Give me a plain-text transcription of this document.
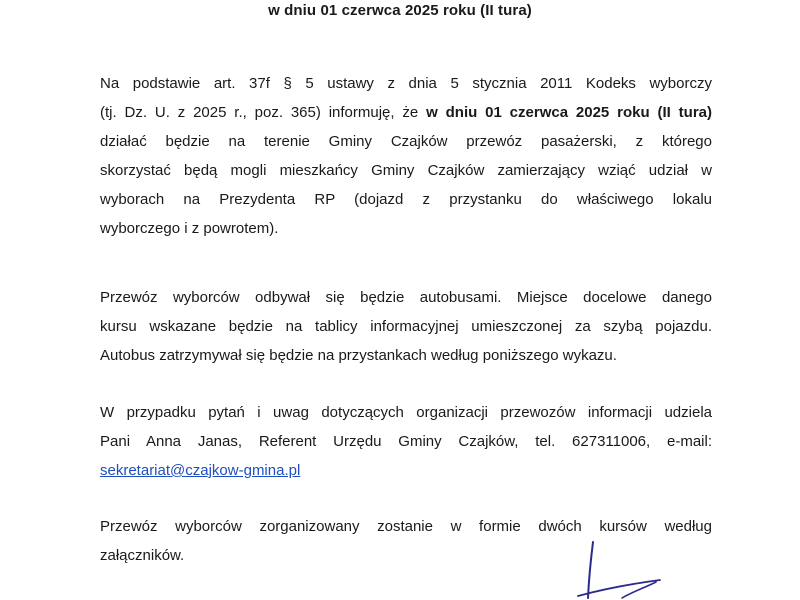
w dniu 01 czerwca 2025 roku (II tura)
Na podstawie art. 37f § 5 ustawy z dnia 5 stycznia 2011 Kodeks wyborczy
(tj. Dz. U. z 2025 r., poz. 365) informuję, że w dniu 01 czerwca 2025 roku (II tura)
działać będzie na terenie Gminy Czajków przewóz pasażerski, z którego
skorzystać będą mogli mieszkańcy Gminy Czajków zamierzający wziąć udział w
wyborach na Prezydenta RP (dojazd z przystanku do właściwego lokalu
wyborczego i z powrotem).
Przewóz wyborców odbywał się będzie autobusami. Miejsce docelowe danego
kursu wskazane będzie na tablicy informacyjnej umieszczonej za szybą pojazdu.
Autobus zatrzymywał się będzie na przystankach według poniższego wykazu.
W przypadku pytań i uwag dotyczących organizacji przewozów informacji udziela
Pani Anna Janas, Referent Urzędu Gminy Czajków, tel. 627311006, e-mail:
sekretariat@czajkow-gmina.pl
Przewóz wyborców zorganizowany zostanie w formie dwóch kursów według
załączników.
